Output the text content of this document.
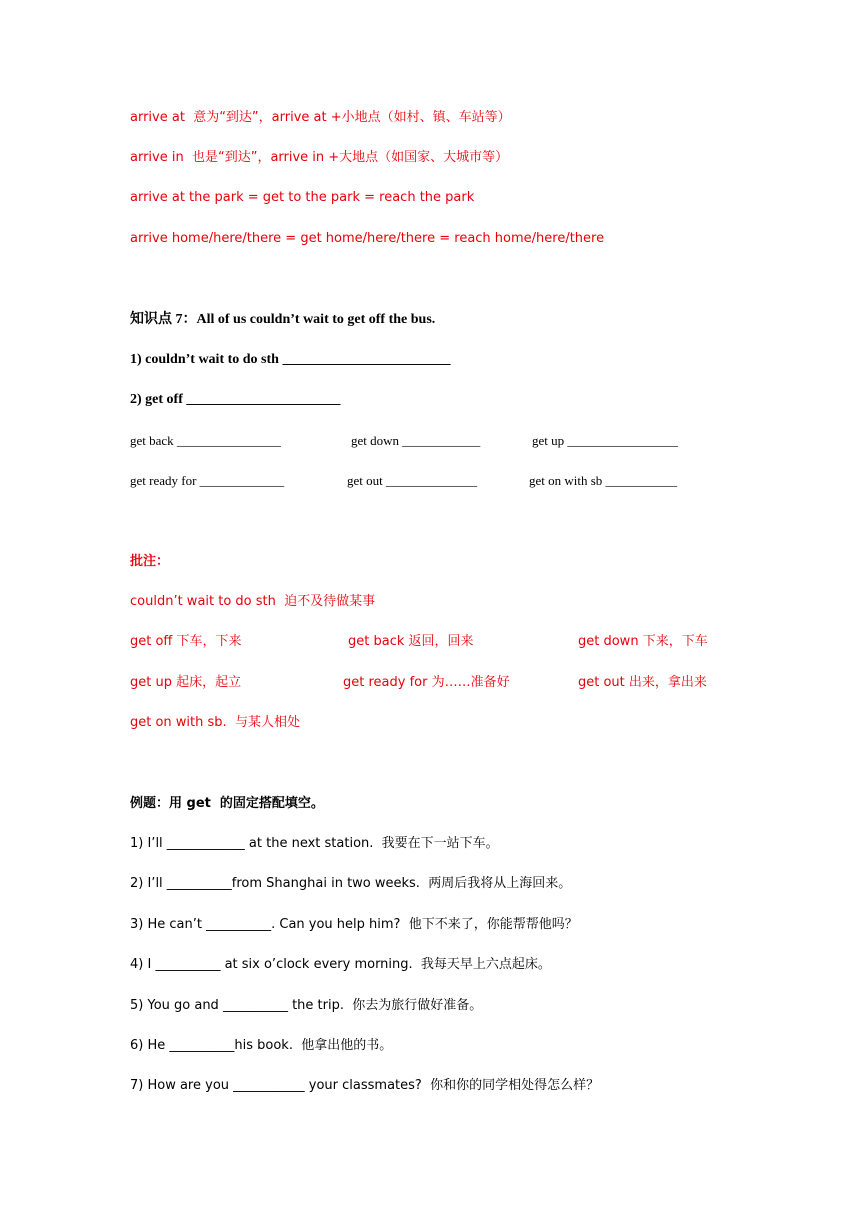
arrive at  意为“到达”，arrive at +小地点（如村、镇、车站等）
arrive in  也是“到达”，arrive in +大地点（如国家、大城市等）
arrive at the park = get to the park = reach the park
arrive home/here/there = get home/here/there = reach home/here/there
知识点 7：All of us couldn’t wait to get off the bus.
1) couldn’t wait to do sth ________________________
2) get off ______________________
get back ________________	get down ____________	get up _________________
get ready for _____________	get out ______________	get on with sb ___________
批注：
couldn’t wait to do sth  迫不及待做某事
get off 下车，下来	get back 返回，回来	get down 下来，下车
get up 起床，起立	get ready for 为……准备好	get out 出来，拿出来
get on with sb.  与某人相处
例题：用 get  的固定搭配填空。
1) I’ll ____________ at the next station.  我要在下一站下车。
2) I’ll __________from Shanghai in two weeks.  两周后我将从上海回来。
3) He can’t __________. Can you help him?  他下不来了，你能帮帮他吗？
4) I __________ at six o’clock every morning.  我每天早上六点起床。
5) You go and __________ the trip.  你去为旅行做好准备。
6) He __________his book.  他拿出他的书。
7) How are you ___________ your classmates?  你和你的同学相处得怎么样？
